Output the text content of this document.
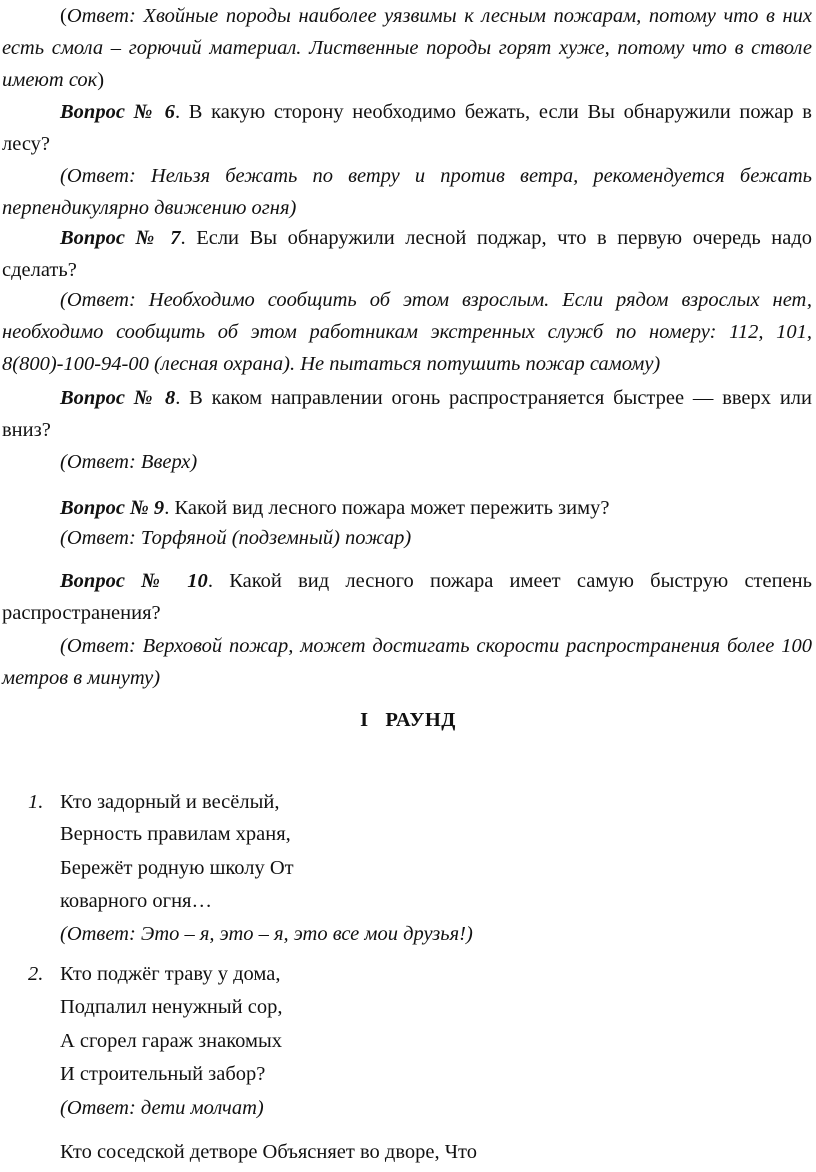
(Ответ: Хвойные породы наиболее уязвимы к лесным пожарам, потому что в них есть смола – горючий материал. Лиственные породы горят хуже, потому что в стволе имеют сок)
Вопрос № 6. В какую сторону необходимо бежать, если Вы обнаружили пожар в лесу?
(Ответ: Нельзя бежать по ветру и против ветра, рекомендуется бежать перпендикулярно движению огня)
Вопрос № 7. Если Вы обнаружили лесной поджар, что в первую очередь надо сделать?
(Ответ: Необходимо сообщить об этом взрослым. Если рядом взрослых нет, необходимо сообщить об этом работникам экстренных служб по номеру: 112, 101, 8(800)-100-94-00 (лесная охрана). Не пытаться потушить пожар самому)
Вопрос № 8. В каком направлении огонь распространяется быстрее — вверх или вниз?
(Ответ: Вверх)
Вопрос № 9. Какой вид лесного пожара может пережить зиму?
(Ответ: Торфяной (подземный) пожар)
Вопрос № 10. Какой вид лесного пожара имеет самую быструю степень распространения?
(Ответ: Верховой пожар, может достигать скорости распространения более 100 метров в минуту)
I   РАУНД
1. Кто задорный и весёлый,
Верность правилам храня,
Бережёт родную школу От
коварного огня…
(Ответ: Это – я, это – я, это все мои друзья!)
2. Кто поджёг траву у дома,
Подпалил ненужный сор,
А сгорел гараж знакомых
И строительный забор?
(Ответ: дети молчат)
Кто соседской детворе Объясняет во дворе, Что
